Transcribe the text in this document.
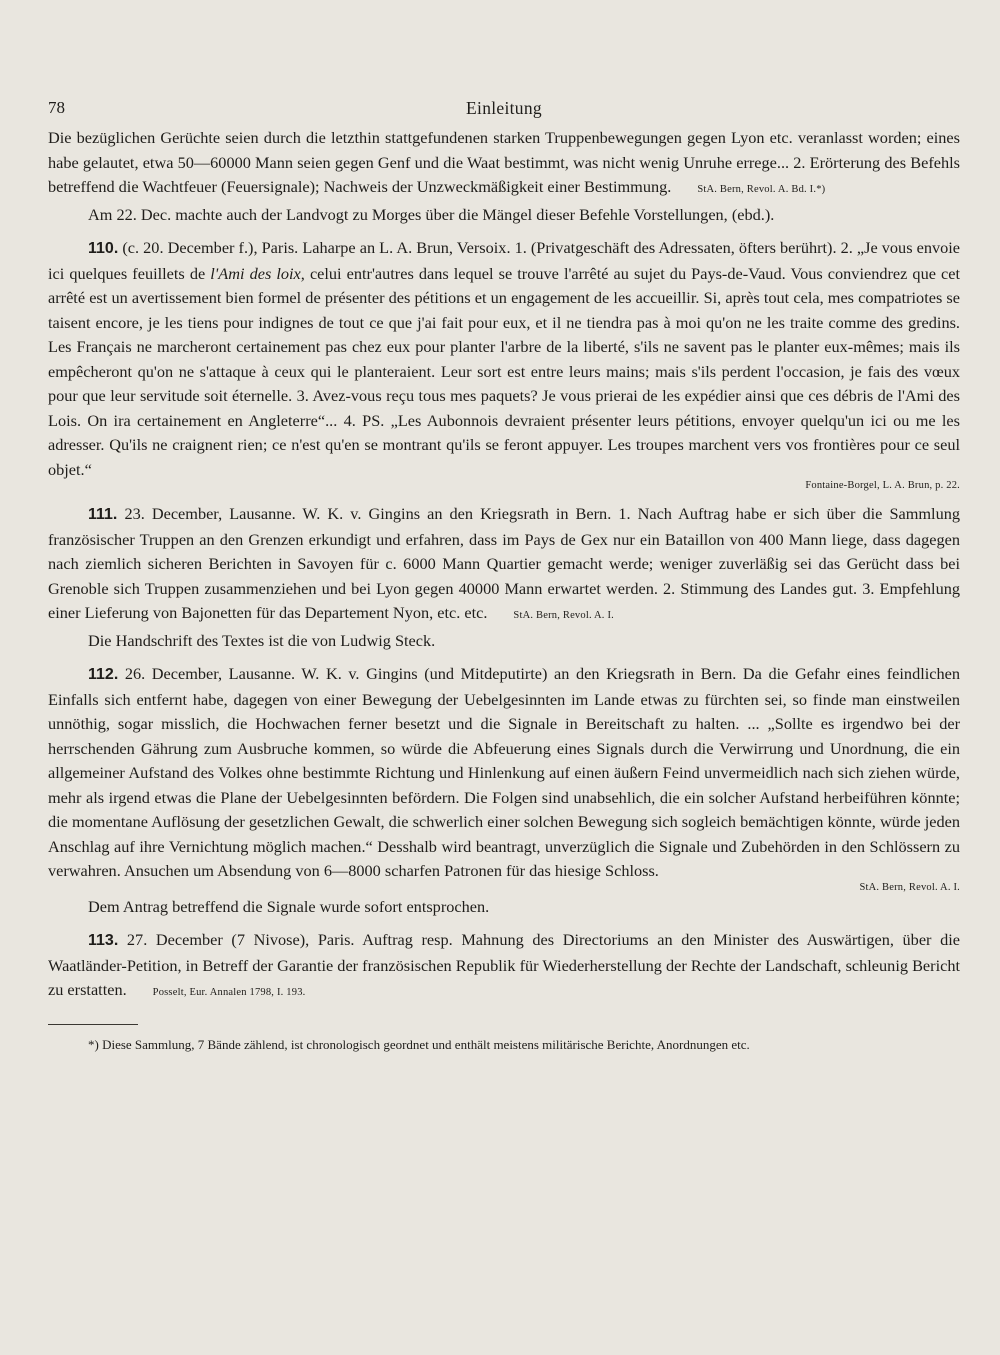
78	Einleitung

Die bezüglichen Gerüchte seien durch die letzthin stattgefundenen starken Truppenbewegungen gegen Lyon etc. veranlasst worden; eines habe gelautet, etwa 50—60000 Mann seien gegen Genf und die Waat bestimmt, was nicht wenig Unruhe errege... 2. Erörterung des Befehls betreffend die Wachtfeuer (Feuersignale); Nachweis der Unzweckmäßigkeit einer Bestimmung. StA. Bern, Revol. A. Bd. I.*)

Am 22. Dec. machte auch der Landvogt zu Morges über die Mängel dieser Befehle Vorstellungen, (ebd.).

110. (c. 20. December f.), Paris. Laharpe an L. A. Brun, Versoix. 1. (Privatgeschäft des Adressaten, öfters berührt). 2. „Je vous envoie ici quelques feuillets de l'Ami des loix, celui entr'autres dans lequel se trouve l'arrêté au sujet du Pays-de-Vaud. Vous conviendrez que cet arrêté est un avertissement bien formel de présenter des pétitions et un engagement de les accueillir. Si, après tout cela, mes compatriotes se taisent encore, je les tiens pour indignes de tout ce que j'ai fait pour eux, et il ne tiendra pas à moi qu'on ne les traite comme des gredins. Les Français ne marcheront certainement pas chez eux pour planter l'arbre de la liberté, s'ils ne savent pas le planter eux-mêmes; mais ils empêcheront qu'on ne s'attaque à ceux qui le planteraient. Leur sort est entre leurs mains; mais s'ils perdent l'occasion, je fais des vœux pour que leur servitude soit éternelle. 3. Avez-vous reçu tous mes paquets? Je vous prierai de les expédier ainsi que ces débris de l'Ami des Lois. On ira certainement en Angleterre“... 4. PS. „Les Aubonnois devraient présenter leurs pétitions, envoyer quelqu'un ici ou me les adresser. Qu'ils ne craignent rien; ce n'est qu'en se montrant qu'ils se feront appuyer. Les troupes marchent vers vos frontières pour ce seul objet.“

Fontaine-Borgel, L. A. Brun, p. 22.

111. 23. December, Lausanne. W. K. v. Gingins an den Kriegsrath in Bern. 1. Nach Auftrag habe er sich über die Sammlung französischer Truppen an den Grenzen erkundigt und erfahren, dass im Pays de Gex nur ein Bataillon von 400 Mann liege, dass dagegen nach ziemlich sicheren Berichten in Savoyen für c. 6000 Mann Quartier gemacht werde; weniger zuverläßig sei das Gerücht dass bei Grenoble sich Truppen zusammenziehen und bei Lyon gegen 40000 Mann erwartet werden. 2. Stimmung des Landes gut. 3. Empfehlung einer Lieferung von Bajonetten für das Departement Nyon, etc. etc. StA. Bern, Revol. A. I.

Die Handschrift des Textes ist die von Ludwig Steck.

112. 26. December, Lausanne. W. K. v. Gingins (und Mitdeputirte) an den Kriegsrath in Bern. Da die Gefahr eines feindlichen Einfalls sich entfernt habe, dagegen von einer Bewegung der Uebelgesinnten im Lande etwas zu fürchten sei, so finde man einstweilen unnöthig, sogar misslich, die Hochwachen ferner besetzt und die Signale in Bereitschaft zu halten. ... „Sollte es irgendwo bei der herrschenden Gährung zum Ausbruche kommen, so würde die Abfeuerung eines Signals durch die Verwirrung und Unordnung, die ein allgemeiner Aufstand des Volkes ohne bestimmte Richtung und Hinlenkung auf einen äußern Feind unvermeidlich nach sich ziehen würde, mehr als irgend etwas die Plane der Uebelgesinnten befördern. Die Folgen sind unabsehlich, die ein solcher Aufstand herbeiführen könnte; die momentane Auflösung der gesetzlichen Gewalt, die schwerlich einer solchen Bewegung sich sogleich bemächtigen könnte, würde jeden Anschlag auf ihre Vernichtung möglich machen.“ Desshalb wird beantragt, unverzüglich die Signale und Zubehörden in den Schlössern zu verwahren. Ansuchen um Absendung von 6—8000 scharfen Patronen für das hiesige Schloss.

StA. Bern, Revol. A. I.

Dem Antrag betreffend die Signale wurde sofort entsprochen.

113. 27. December (7 Nivose), Paris. Auftrag resp. Mahnung des Directoriums an den Minister des Auswärtigen, über die Waatländer-Petition, in Betreff der Garantie der französischen Republik für Wiederherstellung der Rechte der Landschaft, schleunig Bericht zu erstatten. Posselt, Eur. Annalen 1798, I. 193.

*) Diese Sammlung, 7 Bände zählend, ist chronologisch geordnet und enthält meistens militärische Berichte, Anordnungen etc.
